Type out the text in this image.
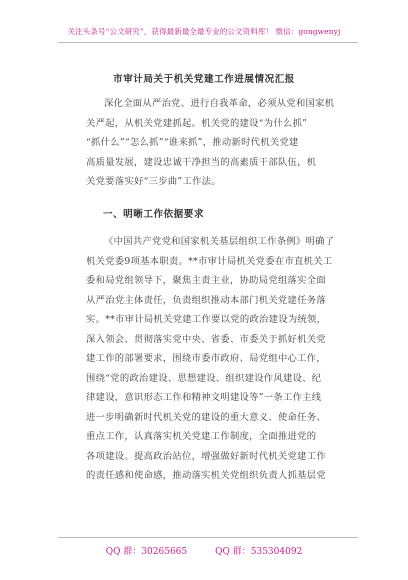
关注头条号“公文研究”，获得最新最全最专业的公文资料库！ 微信：gongwenyj
市审计局关于机关党建工作进展情况汇报
深化全面从严治党、进行自我革命，必须从党和国家机
关严起，从机关党建抓起。机关党的建设“为什么抓”
“抓什么”“怎么抓”“谁来抓”，推动新时代机关党建
高质量发展，建设忠诚干净担当的高素质干部队伍，机
关党要落实好“三步曲”工作法。
一、明晰工作依据要求
《中国共产党党和国家机关基层组织工作条例》明确了
机关党委9项基本职责。**市审计局机关党委在市直机关工
委和局党组领导下，聚焦主责主业，协助局党组落实全面
从严治党主体责任，负责组织推动本部门机关党建任务落
实。**市审计局机关党建工作要以党的政治建设为统领，
深入领会、贯彻落实党中央、省委、市委关于抓好机关党
建工作的部署要求，围绕市委市政府、局党组中心工作，
围绕“党的政治建设、思想建设、组织建设作风建设、纪
律建设，意识形态工作和精神文明建设等”一条工作主线
进一步明确新时代机关党的建设的重大意义、使命任务、
重点工作，认真落实机关党建工作制度，全面推进党的
各项建设。提高政治站位，增强做好新时代机关党建工作
的责任感和使命感，推动落实机关党组织负责人抓基层党
QQ 群：30265665	QQ 群：535304092
